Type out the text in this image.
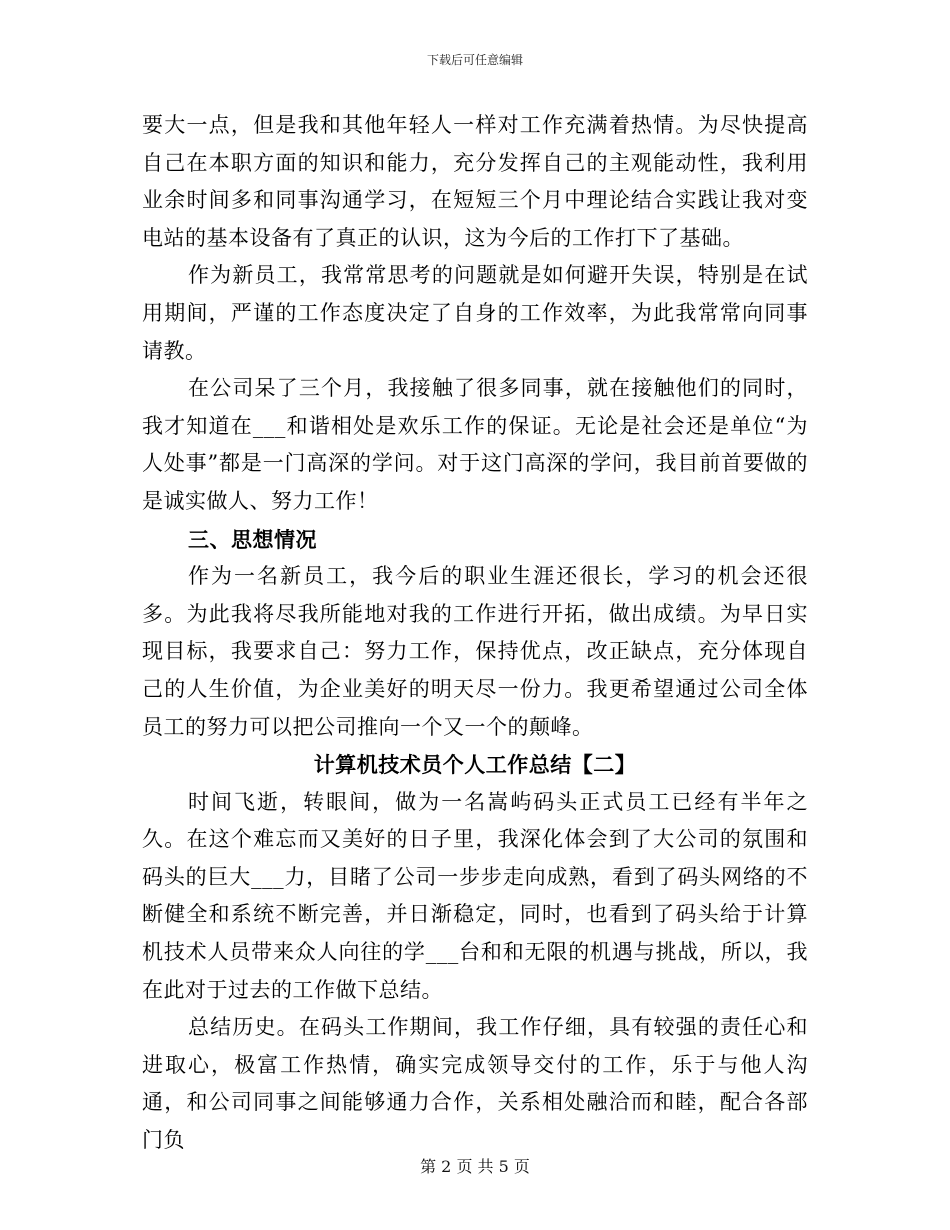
下载后可任意编辑

要大一点，但是我和其他年轻人一样对工作充满着热情。为尽快提高自己在本职方面的知识和能力，充分发挥自己的主观能动性，我利用业余时间多和同事沟通学习，在短短三个月中理论结合实践让我对变电站的基本设备有了真正的认识，这为今后的工作打下了基础。

作为新员工，我常常思考的问题就是如何避开失误，特别是在试用期间，严谨的工作态度决定了自身的工作效率，为此我常常向同事请教。

在公司呆了三个月，我接触了很多同事，就在接触他们的同时，我才知道在___和谐相处是欢乐工作的保证。无论是社会还是单位“为人处事”都是一门高深的学问。对于这门高深的学问，我目前首要做的是诚实做人、努力工作！

三、思想情况

作为一名新员工，我今后的职业生涯还很长，学习的机会还很多。为此我将尽我所能地对我的工作进行开拓，做出成绩。为早日实现目标，我要求自己：努力工作，保持优点，改正缺点，充分体现自己的人生价值，为企业美好的明天尽一份力。我更希望通过公司全体员工的努力可以把公司推向一个又一个的颠峰。

计算机技术员个人工作总结【二】

时间飞逝，转眼间，做为一名嵩屿码头正式员工已经有半年之久。在这个难忘而又美好的日子里，我深化体会到了大公司的氛围和码头的巨大___力，目睹了公司一步步走向成熟，看到了码头网络的不断健全和系统不断完善，并日渐稳定，同时，也看到了码头给于计算机技术人员带来众人向往的学___台和和无限的机遇与挑战，所以，我在此对于过去的工作做下总结。

总结历史。在码头工作期间，我工作仔细，具有较强的责任心和进取心，极富工作热情，确实完成领导交付的工作，乐于与他人沟通，和公司同事之间能够通力合作，关系相处融洽而和睦，配合各部门负

第 2 页 共 5 页
